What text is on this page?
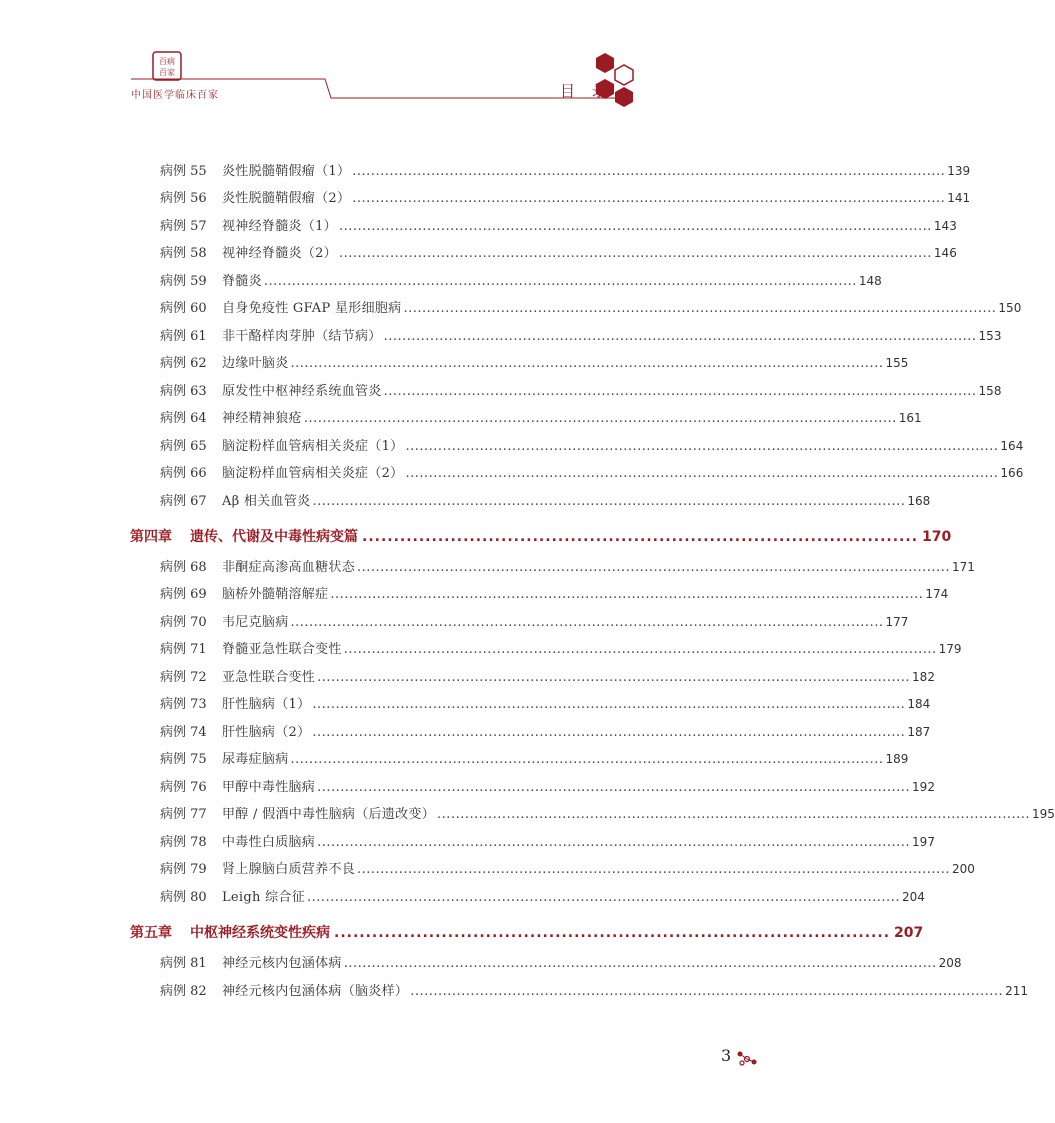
百病
百家
中国医学临床百家	目 录
病例 55	炎性脱髓鞘假瘤（1） ................................................................................................................................ 139
病例 56	炎性脱髓鞘假瘤（2） ................................................................................................................................ 141
病例 57	视神经脊髓炎（1） ................................................................................................................................ 143
病例 58	视神经脊髓炎（2） ................................................................................................................................ 146
病例 59	脊髓炎 ................................................................................................................................ 148
病例 60	自身免疫性 GFAP 星形细胞病 ................................................................................................................................ 150
病例 61	非干酪样肉芽肿（结节病） ................................................................................................................................ 153
病例 62	边缘叶脑炎 ................................................................................................................................ 155
病例 63	原发性中枢神经系统血管炎 ................................................................................................................................ 158
病例 64	神经精神狼疮 ................................................................................................................................ 161
病例 65	脑淀粉样血管病相关炎症（1） ................................................................................................................................ 164
病例 66	脑淀粉样血管病相关炎症（2） ................................................................................................................................ 166
病例 67	Aβ 相关血管炎 ................................................................................................................................ 168
第四章	遗传、代谢及中毒性病变篇 ........................................................................................ 170
病例 68	非酮症高渗高血糖状态 ................................................................................................................................ 171
病例 69	脑桥外髓鞘溶解症 ................................................................................................................................ 174
病例 70	韦尼克脑病 ................................................................................................................................ 177
病例 71	脊髓亚急性联合变性 ................................................................................................................................ 179
病例 72	亚急性联合变性 ................................................................................................................................ 182
病例 73	肝性脑病（1） ................................................................................................................................ 184
病例 74	肝性脑病（2） ................................................................................................................................ 187
病例 75	尿毒症脑病 ................................................................................................................................ 189
病例 76	甲醇中毒性脑病 ................................................................................................................................ 192
病例 77	甲醇 / 假酒中毒性脑病（后遗改变） ................................................................................................................................ 195
病例 78	中毒性白质脑病 ................................................................................................................................ 197
病例 79	肾上腺脑白质营养不良 ................................................................................................................................ 200
病例 80	Leigh 综合征 ................................................................................................................................ 204
第五章	中枢神经系统变性疾病 ........................................................................................ 207
病例 81	神经元核内包涵体病 ................................................................................................................................ 208
病例 82	神经元核内包涵体病（脑炎样） ................................................................................................................................ 211
3
